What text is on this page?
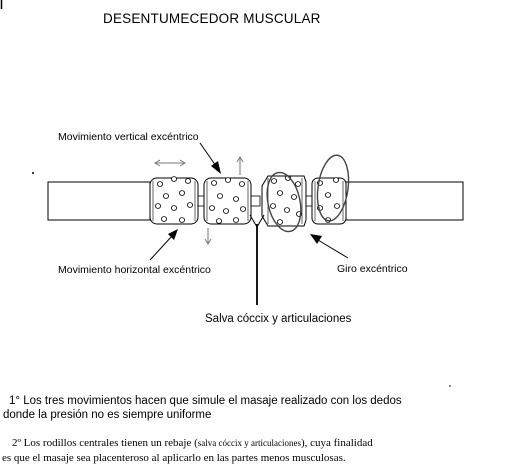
DESENTUMECEDOR MUSCULAR
Movimiento vertical excéntrico
Movimiento horizontal excéntrico	Giro excéntrico
Salva cóccix y articulaciones
1° Los tres movimientos hacen que simule el masaje realizado con los dedos
donde la presión no es siempre uniforme
2º Los rodillos centrales tienen un rebaje (salva cóccix y articulaciones), cuya finalidad
es que el masaje sea placenteroso al aplicarlo en las partes menos musculosas.
